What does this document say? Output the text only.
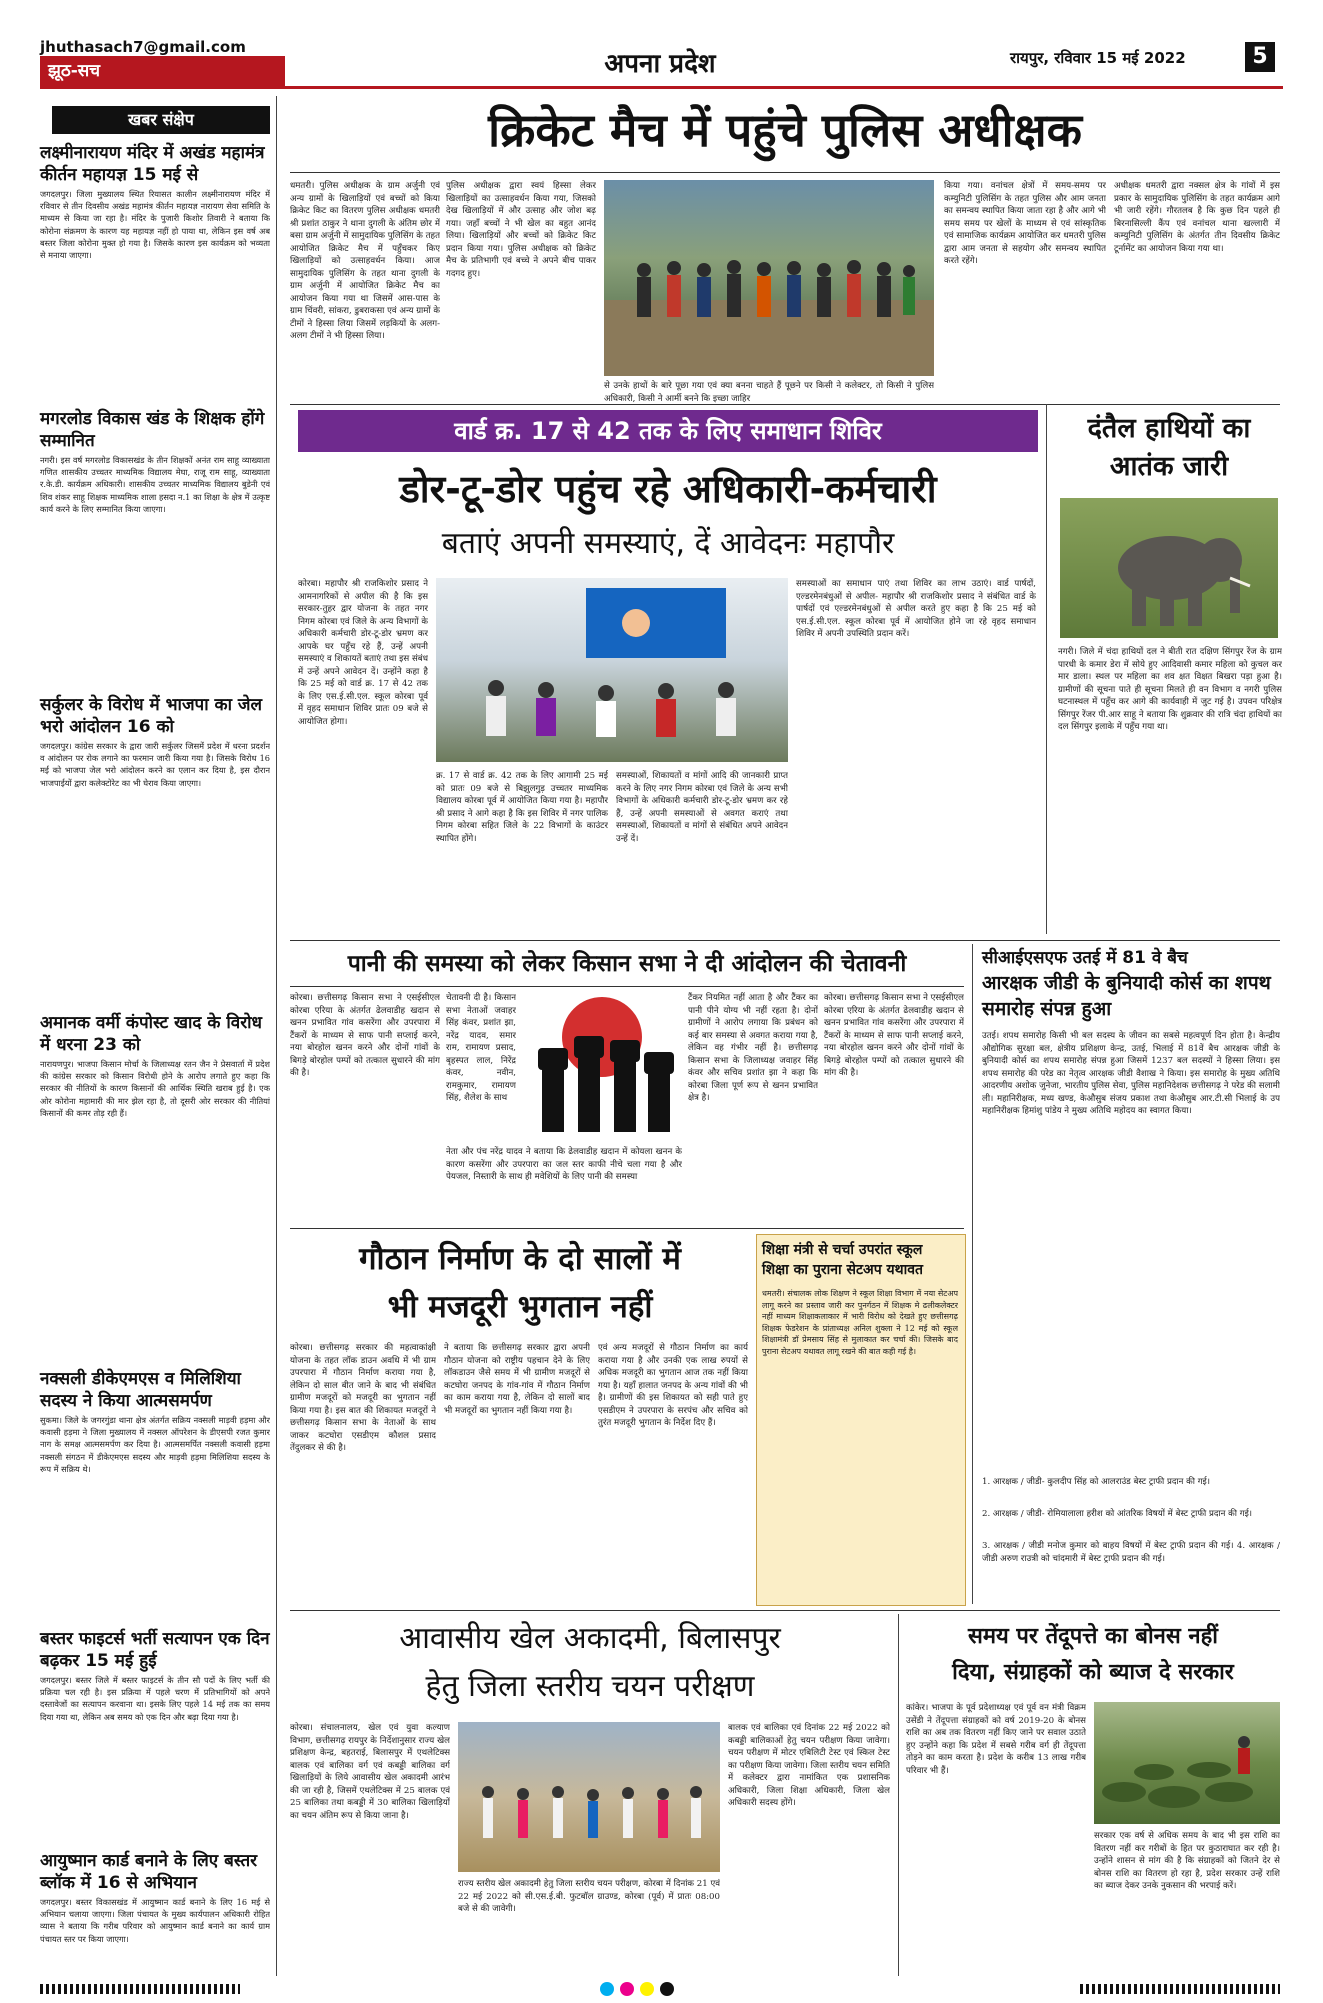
jhuthasach7@gmail.com
झूठ-सच	अपना प्रदेश	रायपुर, रविवार 15 मई 2022	5
खबर संक्षेप
लक्ष्मीनारायण मंदिर में अखंड महामंत्र कीर्तन महायज्ञ 15 मई से
जगदलपुर। जिला मुख्यालय स्थित रियासत कालीन लक्ष्मीनारायण मंदिर में रविवार से तीन दिवसीय अखंड महामंत्र कीर्तन महायज्ञ नारायण सेवा समिति के माध्यम से किया जा रहा है। मंदिर के पुजारी किशोर तिवारी ने बताया कि कोरोना संक्रमण के कारण यह महायज्ञ नहीं हो पाया था, लेकिन इस वर्ष अब बस्तर जिला कोरोना मुक्त हो गया है। जिसके कारण इस कार्यक्रम को भव्यता से मनाया जाएगा।
मगरलोड विकास खंड के शिक्षक होंगे सम्मानित
नगरी। इस वर्ष मगरलोड विकासखंड के तीन शिक्षकों अनंत राम साहू व्याख्याता गणित शासकीय उच्चतर माध्यमिक विद्यालय मेघा, राजू राम साहू, व्याख्याता र.के.डी. कार्यक्रम अधिकारी। शासकीय उच्चतर माध्यमिक विद्यालय बुडेनी एवं शिव शंकर साहू शिक्षक माध्यमिक शाला हसदा न.1 का शिक्षा के क्षेत्र में उत्कृष्ट कार्य करने के लिए सम्मानित किया जाएगा।
सर्कुलर के विरोध में भाजपा का जेल भरो आंदोलन 16 को
जगदलपुर। कांग्रेस सरकार के द्वारा जारी सर्कुलर जिसमें प्रदेश में धरना प्रदर्शन व आंदोलन पर रोक लगाने का फरमान जारी किया गया है। जिसके विरोध 16 मई को भाजपा जेल भरो आंदोलन करने का एलान कर दिया है, इस दौरान भाजपाईयों द्वारा कलेक्टोरेट का भी घेराव किया जाएगा।
अमानक वर्मी कंपोस्ट खाद के विरोध में धरना 23 को
नारायणपुर। भाजपा किसान मोर्चा के जिलाध्यक्ष रतन जैन ने प्रेसवार्ता में प्रदेश की कांग्रेस सरकार को किसान विरोधी होने के आरोप लगाते हुए कहा कि सरकार की नीतियों के कारण किसानों की आर्थिक स्थिति खराब हुई है। एक ओर कोरोना महामारी की मार झेल रहा है, तो दूसरी ओर सरकार की नीतियां किसानों की कमर तोड़ रही हैं।
नक्सली डीकेएमएस व मिलिशिया सदस्य ने किया आत्मसमर्पण
सुकमा। जिले के जगरगुंडा थाना क्षेत्र अंतर्गत सक्रिय नक्सली माड़वी हड़मा और कवासी हड़मा ने जिला मुख्यालय में नक्सल ऑपरेशन के डीएसपी रजत कुमार नाग के समक्ष आत्मसमर्पण कर दिया है। आत्मसमर्पित नक्सली कवासी हड़मा नक्सली संगठन में डीकेएमएस सदस्य और माड़वी हड़मा मिलिशिया सदस्य के रूप में सक्रिय थे।
बस्तर फाइटर्स भर्ती सत्यापन एक दिन बढ़कर 15 मई हुई
जगदलपुर। बस्तर जिले में बस्तर फाइटर्स के तीन सौ पदों के लिए भर्ती की प्रक्रिया चल रही है। इस प्रक्रिया में पहले चरण में प्रतिभागियों को अपने दस्तावेजों का सत्यापन करवाना था। इसके लिए पहले 14 मई तक का समय दिया गया था, लेकिन अब समय को एक दिन और बढ़ा दिया गया है।
आयुष्मान कार्ड बनाने के लिए बस्तर ब्लॉक में 16 से अभियान
जगदलपुर। बस्तर विकासखंड में आयुष्मान कार्ड बनाने के लिए 16 मई से अभियान चलाया जाएगा। जिला पंचायत के मुख्य कार्यपालन अधिकारी रोहित व्यास ने बताया कि गरीब परिवार को आयुष्मान कार्ड बनाने का कार्य ग्राम पंचायत स्तर पर किया जाएगा।
क्रिकेट मैच में पहुंचे पुलिस अधीक्षक
धमतरी। पुलिस अधीक्षक के ग्राम अर्जुनी एवं अन्य ग्रामों के खिलाड़ियों एवं बच्चों को किया क्रिकेट किट का वितरण पुलिस अधीक्षक धमतरी श्री प्रशांत ठाकुर ने थाना दुगली के अंतिम छोर में बसा ग्राम अर्जुनी में सामुदायिक पुलिसिंग के तहत आयोजित क्रिकेट मैच में पहुँचकर किए खिलाड़ियों को उत्साहवर्धन किया। आज सामुदायिक पुलिसिंग के तहत थाना दुगली के ग्राम अर्जुनी में आयोजित क्रिकेट मैच का आयोजन किया गया था जिसमें आस-पास के ग्राम चिंवरी, सांकरा, डुबराकसा एवं अन्य ग्रामों के टीमों ने हिस्सा लिया जिसमें लड़कियों के अलग-अलग टीमों ने भी हिस्सा लिया।
पुलिस अधीक्षक द्वारा स्वयं हिस्सा लेकर खिलाड़ियों का उत्साहवर्धन किया गया, जिसको देख खिलाड़ियों में और उत्साह और जोश बढ़ गया। जहाँ बच्चों ने भी खेल का बहुत आनंद लिया। खिलाड़ियों और बच्चों को क्रिकेट किट प्रदान किया गया। पुलिस अधीक्षक को क्रिकेट मैच के प्रतिभागी एवं बच्चे ने अपने बीच पाकर गदगद हुए।
से उनके हाथों के बारे पूछा गया एवं क्या बनना चाहते हैं पूछने पर किसी ने कलेक्टर, तो किसी ने पुलिस अधिकारी, किसी ने आर्मी बनने कि इच्छा जाहिर
किया गया। वनांचल क्षेत्रों में समय-समय पर कम्युनिटी पुलिसिंग के तहत पुलिस और आम जनता का समन्वय स्थापित किया जाता रहा है और आगे भी समय समय पर खेलों के माध्यम से एवं सांस्कृतिक एवं सामाजिक कार्यक्रम आयोजित कर धमतरी पुलिस द्वारा आम जनता से सहयोग और समन्वय स्थापित करते रहेंगे।
अधीक्षक धमतरी द्वारा नक्सल क्षेत्र के गांवों में इस प्रकार के सामुदायिक पुलिसिंग के तहत कार्यक्रम आगे भी जारी रहेंगे। गौरतलब है कि कुछ दिन पहले ही बिरनासिल्ली कैंप एवं वनांचल थाना खल्लारी में कम्युनिटी पुलिसिंग के अंतर्गत तीन दिवसीय क्रिकेट टूर्नामेंट का आयोजन किया गया था।
वार्ड क्र. 17 से 42 तक के लिए समाधान शिविर
डोर-टू-डोर पहुंच रहे अधिकारी-कर्मचारी
बताएं अपनी समस्याएं, दें आवेदनः महापौर
कोरबा। महापौर श्री राजकिशोर प्रसाद ने आमनागरिकों से अपील की है कि इस सरकार-तुहर द्वार योजना के तहत नगर निगम कोरबा एवं जिले के अन्य विभागों के अधिकारी कर्मचारी डोर-टू-डोर भ्रमण कर आपके घर पहुँच रहे हैं, उन्हें अपनी समस्याएं व शिकायतें बताएं तथा इस संबंध में उन्हें अपने आवेदन दें। उन्होंने कहा है कि 25 मई को वार्ड क्र. 17 से 42 तक के लिए एस.ई.सी.एल. स्कूल कोरबा पूर्व में वृहद समाधान शिविर प्रातः 09 बजे से आयोजित होगा।
क्र. 17 से वार्ड क्र. 42 तक के लिए आगामी 25 मई को प्रातः 09 बजे से बिझुलगुड़ उच्चतर माध्यमिक विद्यालय कोरबा पूर्व में आयोजित किया गया है। महापौर श्री प्रसाद ने आगे कहा है कि इस शिविर में नगर पालिक निगम कोरबा सहित जिले के 22 विभागों के काउंटर स्थापित होंगे।
समस्याओं, शिकायतों व मांगों आदि की जानकारी प्राप्त करने के लिए नगर निगम कोरबा एवं जिले के अन्य सभी विभागों के अधिकारी कर्मचारी डोर-टू-डोर भ्रमण कर रहे हैं, उन्हें अपनी समस्याओं से अवगत कराएं तथा समस्याओं, शिकायतों व मांगों से संबंधित अपने आवेदन उन्हें दें।
समस्याओं का समाधान पाएं तथा शिविर का लाभ उठाएं। वार्ड पार्षदों, एल्डरमेनबंधुओं से अपील- महापौर श्री राजकिशोर प्रसाद ने संबंधित वार्ड के पार्षदों एवं एल्डरमेनबंधुओं से अपील करते हुए कहा है कि 25 मई को एस.ई.सी.एल. स्कूल कोरबा पूर्व में आयोजित होने जा रहे वृहद समाधान शिविर में अपनी उपस्थिति प्रदान करें।
दंतैल हाथियों का आतंक जारी
नगरी। जिले में चंदा हाथियों दल ने बीती रात दक्षिण सिंगपुर रेंज के ग्राम पारधी के कमार डेरा में सोये हुए आदिवासी कमार महिला को कुचल कर मार डाला। स्थल पर महिला का शव क्षत विक्षत बिखरा पड़ा हुआ है। ग्रामीणों की सूचना पाते ही सूचना मिलते ही वन विभाग व नगरी पुलिस घटनास्थल में पहुँच कर आगे की कार्यवाही में जुट गई है। उपवन परिक्षेत्र सिंगपुर रेंजर पी.आर साहू ने बताया कि शुक्रवार की रात्रि चंदा हाथियों का दल सिंगपुर इलाके में पहुँच गया था।
पानी की समस्या को लेकर किसान सभा ने दी आंदोलन की चेतावनी
कोरबा। छत्तीसगढ़ किसान सभा ने एसईसीएल कोरबा एरिया के अंतर्गत ढेलवाडीह खदान से खनन प्रभावित गांव कसरेंगा और उपरपारा में टैंकरों के माध्यम से साफ पानी सप्लाई करने, नया बोरहोल खनन करने और दोनों गांवों के बिगड़े बोरहोल पम्पों को तत्काल सुधारने की मांग की है।
चेतावनी दी है। किसान सभा नेताओं जवाहर सिंह कंवर, प्रशांत झा, नरेंद्र यादव, समार राम, रामायण प्रसाद, बृहस्पत लाल, निरेंद्र कंवर, नवीन, रामकुमार, रामायण सिंह, शैलेश के साथ
नेता और पंच नरेंद्र यादव ने बताया कि ढेलवाडीह खदान में कोयला खनन के कारण कसरेंगा और उपरपारा का जल स्तर काफी नीचे चला गया है और पेयजल, निस्तारी के साथ ही मवेशियों के लिए पानी की समस्या
टैंकर नियमित नहीं आता है और टैंकर का पानी पीने योग्य भी नहीं रहता है। दोनों ग्रामीणों ने आरोप लगाया कि प्रबंधन को कई बार समस्या से अवगत कराया गया है, लेकिन वह गंभीर नहीं है। छत्तीसगढ़ किसान सभा के जिलाध्यक्ष जवाहर सिंह कंवर और सचिव प्रशांत झा ने कहा कि कोरबा जिला पूर्ण रूप से खनन प्रभावित क्षेत्र है।
कोरबा। छत्तीसगढ़ किसान सभा ने एसईसीएल कोरबा एरिया के अंतर्गत ढेलवाडीह खदान से खनन प्रभावित गांव कसरेंगा और उपरपारा में टैंकरों के माध्यम से साफ पानी सप्लाई करने, नया बोरहोल खनन करने और दोनों गांवों के बिगड़े बोरहोल पम्पों को तत्काल सुधारने की मांग की है।
सीआईएसएफ उतई में 81 वे बैच
आरक्षक जीडी के बुनियादी कोर्स का शपथ समारोह संपन्न हुआ
उतई। शपथ समारोह किसी भी बल सदस्य के जीवन का सबसे महत्वपूर्ण दिन होता है। केन्द्रीय औद्योगिक सुरक्षा बल, क्षेत्रीय प्रशिक्षण केन्द्र, उतई, भिलाई में 81वें बैच आरक्षक जीडी के बुनियादी कोर्स का शपथ समारोह संपन्न हुआ जिसमें 1237 बल सदस्यों ने हिस्सा लिया। इस शपथ समारोह की परेड का नेतृत्व आरक्षक जीडी वैशाख ने किया। इस समारोह के मुख्य अतिथि आदरणीय अशोक जुनेजा, भारतीय पुलिस सेवा, पुलिस महानिदेशक छत्तीसगढ़ ने परेड की सलामी ली। महानिरीक्षक, मध्य खण्ड, केऔसुब संजय प्रकाश तथा केऔसुब आर.टी.सी भिलाई के उप महानिरीक्षक हिमांशु पांडेय ने मुख्य अतिथि महोदय का स्वागत किया।
1. आरक्षक / जीडी- कुलदीप सिंह को आलराउंड बेस्ट ट्राफी प्रदान की गई।
2. आरक्षक / जीडी- रोमियालाला हरीश को आंतरिक विषयों में बेस्ट ट्राफी प्रदान की गई।
3. आरक्षक / जीडी मनोज कुमार को बाहय विषयों में बेस्ट ट्राफी प्रदान की गई। 4. आरक्षक / जीडी अरुण राउत्री को चांदमारी में बेस्ट ट्राफी प्रदान की गई।
गौठान निर्माण के दो सालों में
भी मजदूरी भुगतान नहीं
कोरबा। छत्तीसगढ़ सरकार की महत्वाकांक्षी योजना के तहत लॉक डाउन अवधि में भी ग्राम उपरपारा में गौठान निर्माण कराया गया है, लेकिन दो साल बीत जाने के बाद भी संबंधित ग्रामीण मजदूरों को मजदूरी का भुगतान नहीं किया गया है। इस बात की शिकायत मजदूरों ने छत्तीसगढ़ किसान सभा के नेताओं के साथ जाकर कटघोरा एसडीएम कौशल प्रसाद तेंदुलकर से की है।
ने बताया कि छत्तीसगढ़ सरकार द्वारा अपनी गौठान योजना को राष्ट्रीय पहचान देने के लिए लॉकडाउन जैसे समय में भी ग्रामीण मजदूरों से कटघोरा जनपद के गांव-गांव में गौठान निर्माण का काम कराया गया है, लेकिन दो सालों बाद भी मजदूरों का भुगतान नहीं किया गया है।
एवं अन्य मजदूरों से गौठान निर्माण का कार्य कराया गया है और उनकी एक लाख रुपयों से अधिक मजदूरी का भुगतान आज तक नहीं किया गया है। यहाँ हालात जनपद के अन्य गांवों की भी है। ग्रामीणों की इस शिकायत को सही पाते हुए एसडीएम ने उपरपारा के सरपंच और सचिव को तुरंत मजदूरी भुगतान के निर्देश दिए हैं।
शिक्षा मंत्री से चर्चा उपरांत स्कूल
शिक्षा का पुराना सेटअप यथावत
धमतरी। संचालक लोक शिक्षण ने स्कूल शिक्षा विभाग में नया सेटअप लागू करने का प्रस्ताव जारी कर पुनर्गठन में शिक्षक मे ढलीकलेक्टर नहीं माध्यम शिक्षाकलाकार में भारी विरोध को देखते हुए छत्तीसगढ़ शिक्षक फेडरेशन के प्रांताध्यक्ष अनिल शुक्ला ने 12 मई को स्कूल शिक्षामंत्री डॉ प्रेमसाय सिंह से मुलाकात कर चर्चा की। जिसके बाद पुराना सेटअप यथावत लागू रखने की बात कही गई है।
आवासीय खेल अकादमी, बिलासपुर
हेतु जिला स्तरीय चयन परीक्षण
कोरबा। संचालनालय, खेल एवं युवा कल्याण विभाग, छत्तीसगढ़ रायपुर के निर्देशानुसार राज्य खेल प्रशिक्षण केन्द्र, बहतराई, बिलासपुर में एथलेटिक्स बालक एवं बालिका वर्ग एवं कबड्डी बालिका वर्ग खिलाड़ियों के लिये आवासीय खेल अकादमी आरंभ की जा रही है, जिसमें एथलेटिक्स में 25 बालक एवं 25 बालिका तथा कबड्डी में 30 बालिका खिलाड़ियों का चयन अंतिम रूप से किया जाना है।
राज्य स्तरीय खेल अकादमी हेतु जिला स्तरीय चयन परीक्षण, कोरबा में दिनांक 21 एवं 22 मई 2022 को सी.एस.ई.बी. फुटबॉल ग्राउण्ड, कोरबा (पूर्व) में प्रातः 08:00 बजे से की जावेगी।
बालक एवं बालिका एवं दिनांक 22 मई 2022 को कबड्डी बालिकाओं हेतु चयन परीक्षण किया जावेगा। चयन परीक्षण में मोटर एबिलिटी टेस्ट एवं स्किल टेस्ट का परीक्षण किया जावेगा। जिला स्तरीय चयन समिति में कलेक्टर द्वारा नामांकित एक प्रशासनिक अधिकारी, जिला शिक्षा अधिकारी, जिला खेल अधिकारी सदस्य होंगे।
समय पर तेंदूपत्ते का बोनस नहीं
दिया, संग्राहकों को ब्याज दे सरकार
कांकेर। भाजपा के पूर्व प्रदेशाध्यक्ष एवं पूर्व वन मंत्री विक्रम उसेंडी ने तेंदूपत्ता संग्राहकों को वर्ष 2019-20 के बोनस राशि का अब तक वितरण नहीं किए जाने पर सवाल उठाते हुए उन्होंने कहा कि प्रदेश में सबसे गरीब वर्ग ही तेंदूपत्ता तोड़ने का काम करता है। प्रदेश के करीब 13 लाख गरीब परिवार भी हैं।
सरकार एक वर्ष से अधिक समय के बाद भी इस राशि का वितरण नहीं कर गरीबों के हित पर कुठाराघात कर रही है। उन्होंने शासन से मांग की है कि संग्राहकों को जितने देर से बोनस राशि का वितरण हो रहा है, प्रदेश सरकार उन्हें राशि का ब्याज देकर उनके नुकसान की भरपाई करें।
